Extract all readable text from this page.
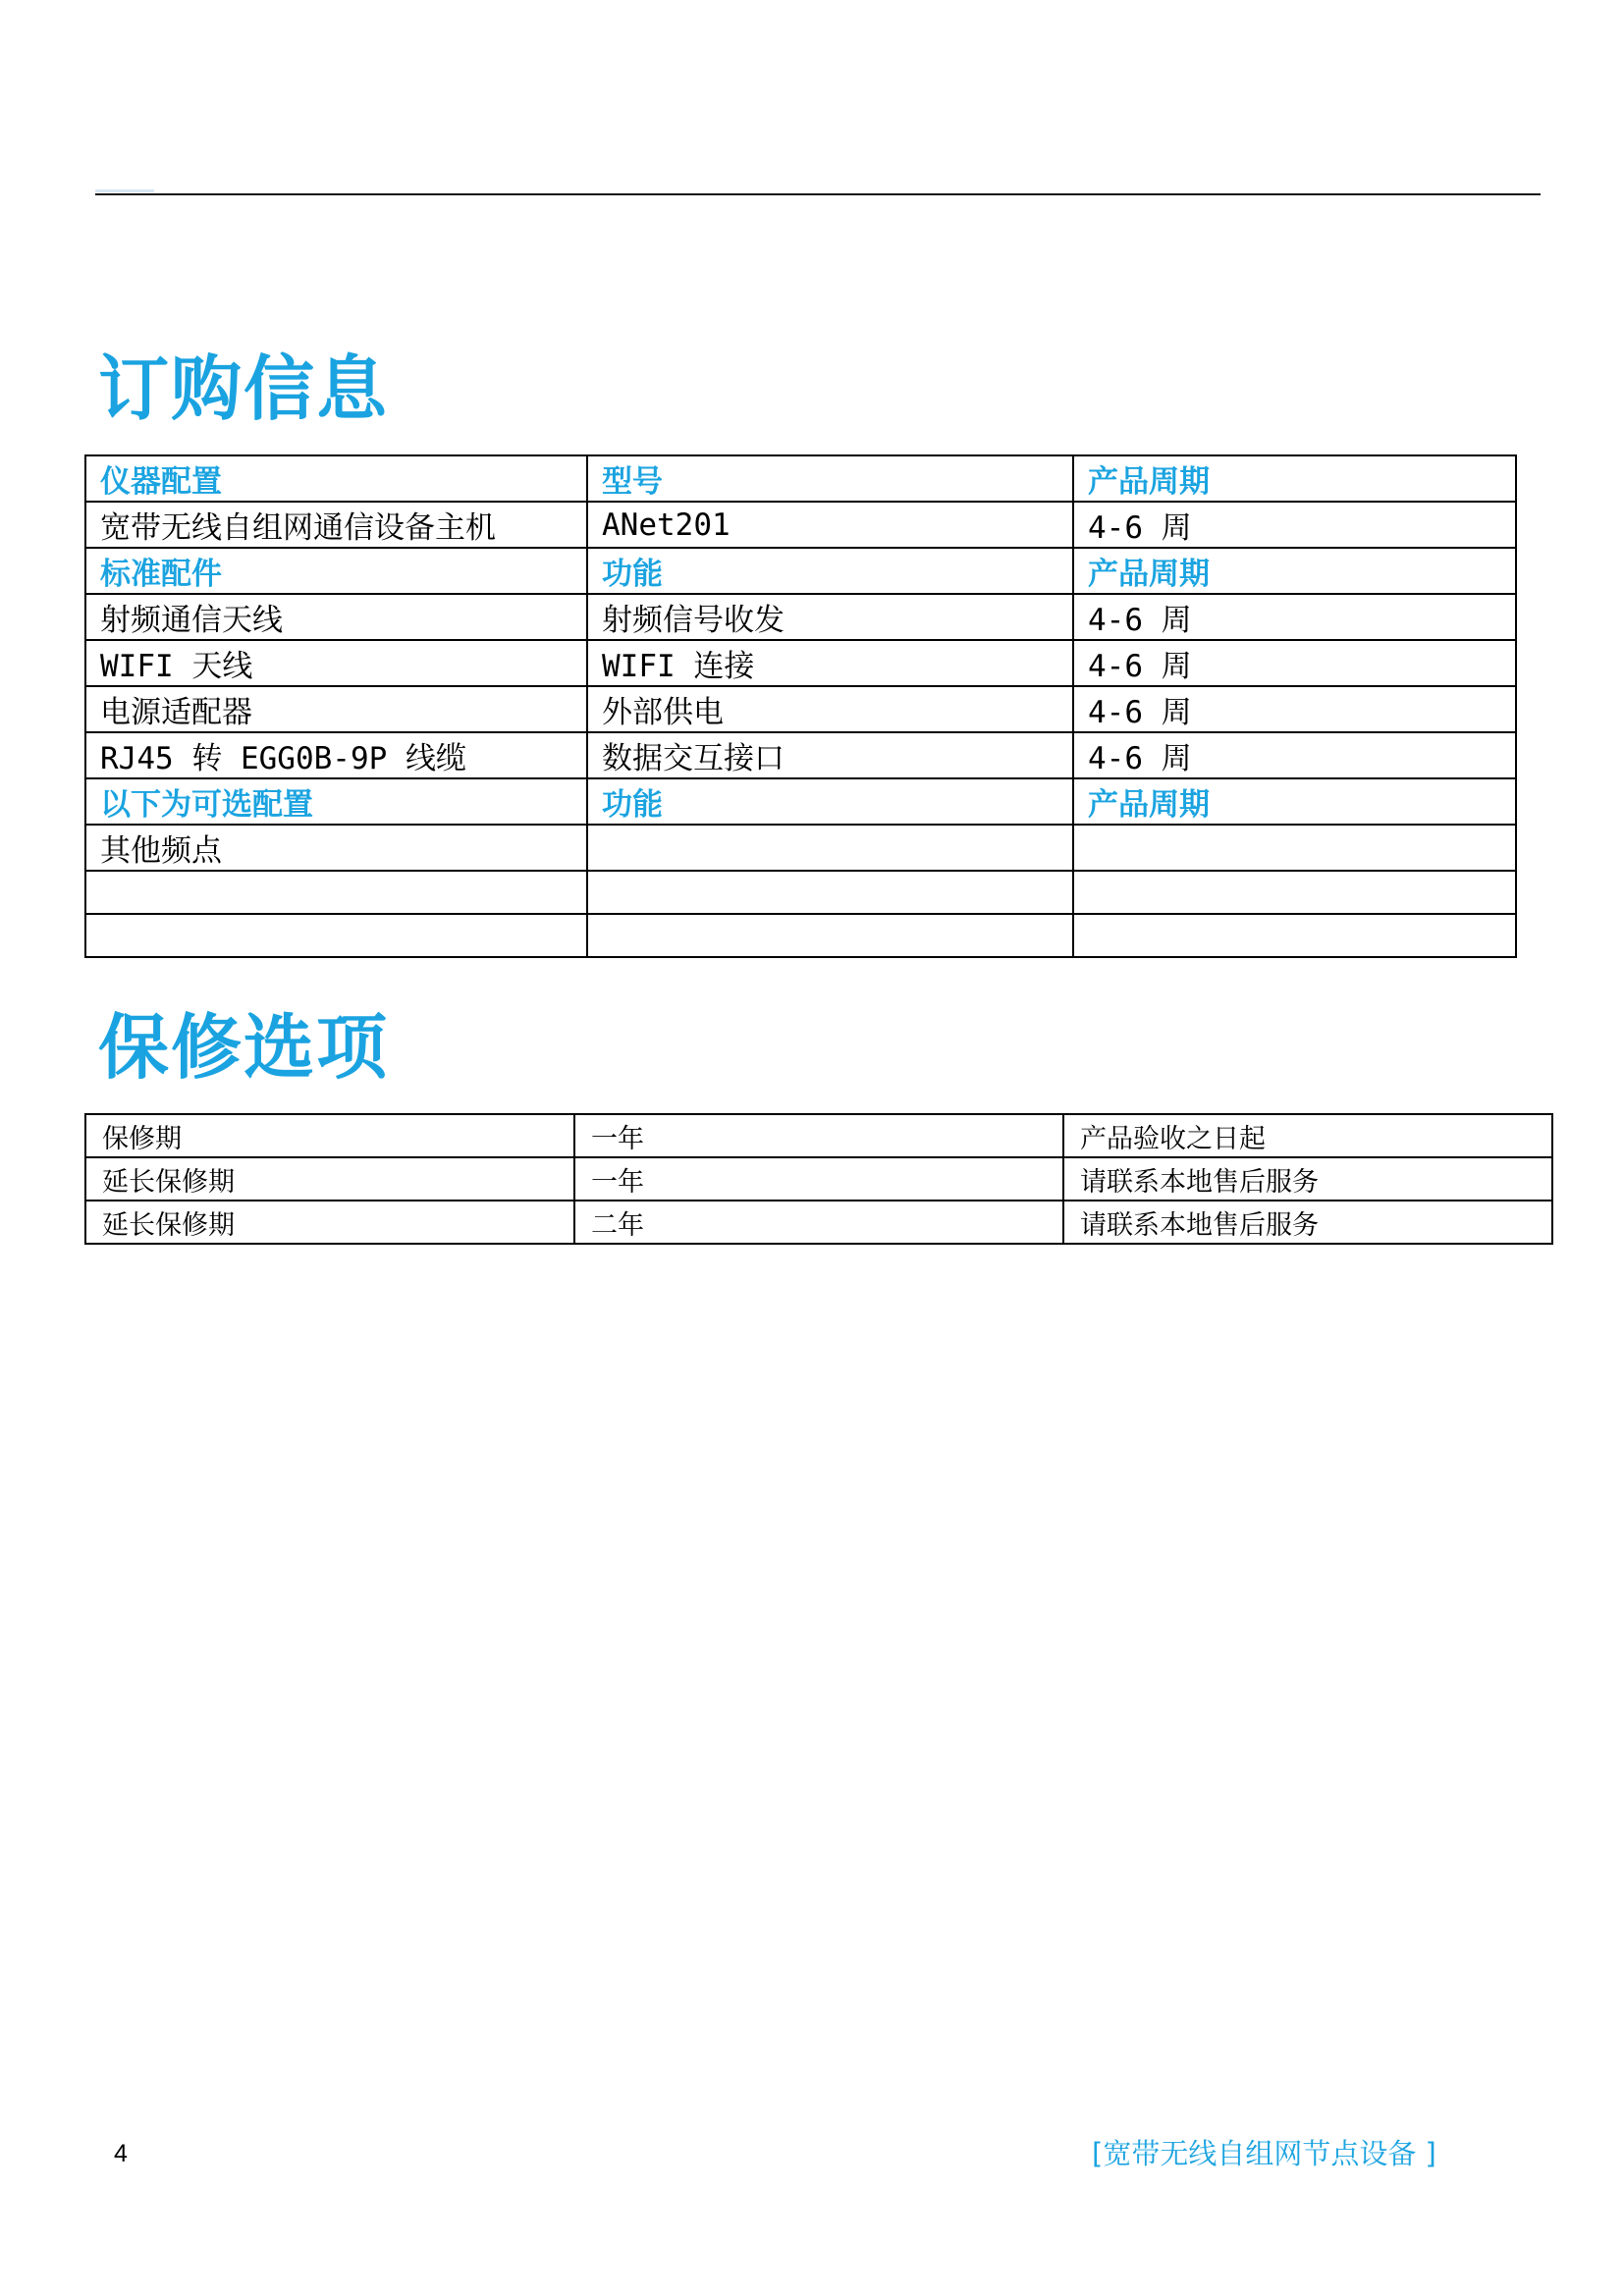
订购信息
仪器配置	型号	产品周期
宽带无线自组网通信设备主机	ANet201	4-6 周
标准配件	功能	产品周期
射频通信天线	射频信号收发	4-6 周
WIFI 天线	WIFI 连接	4-6 周
电源适配器	外部供电	4-6 周
RJ45 转 EGG0B-9P 线缆	数据交互接口	4-6 周
以下为可选配置	功能	产品周期
其他频点		

保修选项
保修期	一年	产品验收之日起
延长保修期	一年	请联系本地售后服务
延长保修期	二年	请联系本地售后服务
4	[宽带无线自组网节点设备 ]
